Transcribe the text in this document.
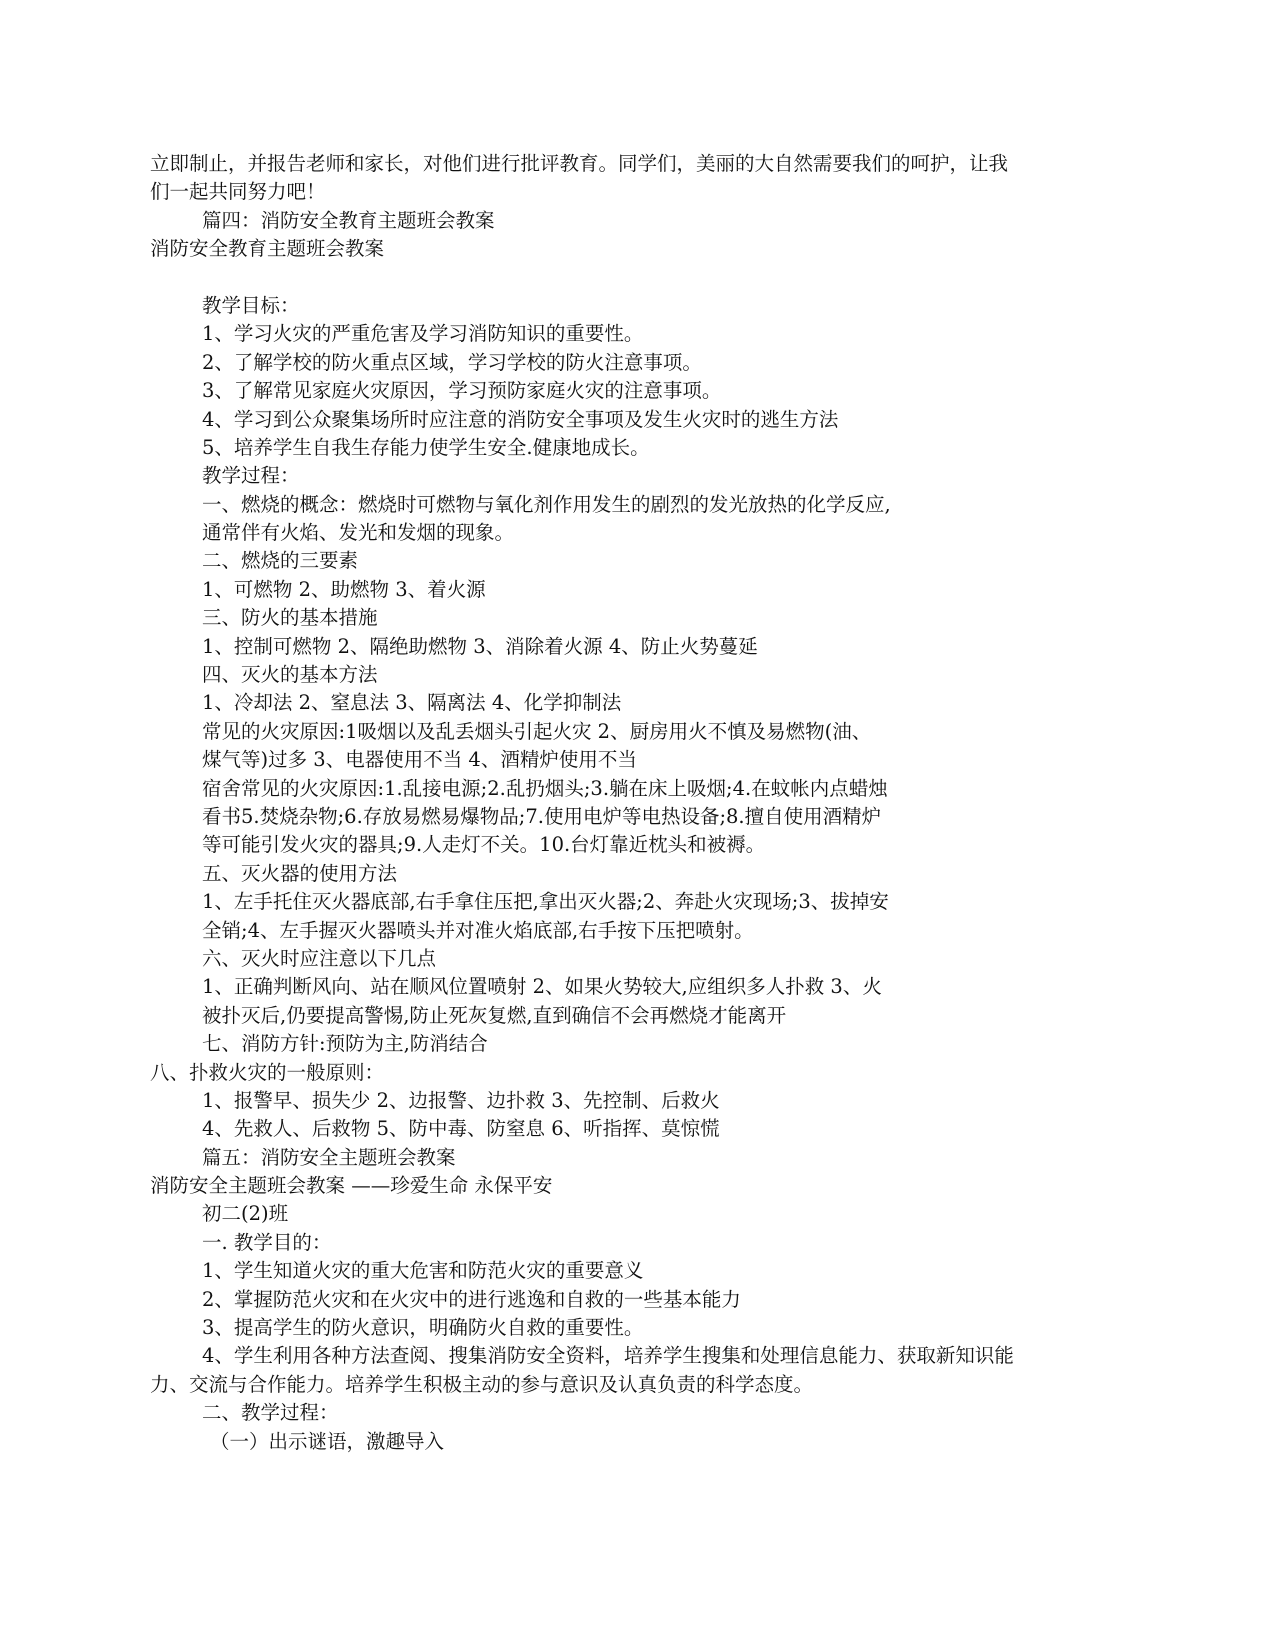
立即制止，并报告老师和家长，对他们进行批评教育。同学们，美丽的大自然需要我们的呵护，让我
们一起共同努力吧！
篇四：消防安全教育主题班会教案
消防安全教育主题班会教案
教学目标：
1、学习火灾的严重危害及学习消防知识的重要性。
2、了解学校的防火重点区域，学习学校的防火注意事项。
3、了解常见家庭火灾原因，学习预防家庭火灾的注意事项。
4、学习到公众聚集场所时应注意的消防安全事项及发生火灾时的逃生方法
5、培养学生自我生存能力使学生安全.健康地成长。
教学过程：
一、燃烧的概念：燃烧时可燃物与氧化剂作用发生的剧烈的发光放热的化学反应,
通常伴有火焰、发光和发烟的现象。
二、燃烧的三要素
1、可燃物 2、助燃物 3、着火源
三、防火的基本措施
1、控制可燃物 2、隔绝助燃物 3、消除着火源 4、防止火势蔓延
四、灭火的基本方法
1、冷却法 2、窒息法 3、隔离法 4、化学抑制法
常见的火灾原因:1吸烟以及乱丢烟头引起火灾 2、厨房用火不慎及易燃物(油、
煤气等)过多 3、电器使用不当 4、酒精炉使用不当
宿舍常见的火灾原因:1.乱接电源;2.乱扔烟头;3.躺在床上吸烟;4.在蚊帐内点蜡烛
看书5.焚烧杂物;6.存放易燃易爆物品;7.使用电炉等电热设备;8.擅自使用酒精炉
等可能引发火灾的器具;9.人走灯不关。10.台灯靠近枕头和被褥。
五、灭火器的使用方法
1、左手托住灭火器底部,右手拿住压把,拿出灭火器;2、奔赴火灾现场;3、拔掉安
全销;4、左手握灭火器喷头并对准火焰底部,右手按下压把喷射。
六、灭火时应注意以下几点
1、正确判断风向、站在顺风位置喷射 2、如果火势较大,应组织多人扑救 3、火
被扑灭后,仍要提高警惕,防止死灰复燃,直到确信不会再燃烧才能离开
七、消防方针:预防为主,防消结合
八、扑救火灾的一般原则：
1、报警早、损失少 2、边报警、边扑救 3、先控制、后救火
4、先救人、后救物 5、防中毒、防窒息 6、听指挥、莫惊慌
篇五：消防安全主题班会教案
消防安全主题班会教案 ——珍爱生命 永保平安
初二(2)班
一. 教学目的：
1、学生知道火灾的重大危害和防范火灾的重要意义
2、掌握防范火灾和在火灾中的进行逃逸和自救的一些基本能力
3、提高学生的防火意识，明确防火自救的重要性。
4、学生利用各种方法查阅、搜集消防安全资料，培养学生搜集和处理信息能力、获取新知识能
力、交流与合作能力。培养学生积极主动的参与意识及认真负责的科学态度。
二、教学过程：
（一）出示谜语，激趣导入
